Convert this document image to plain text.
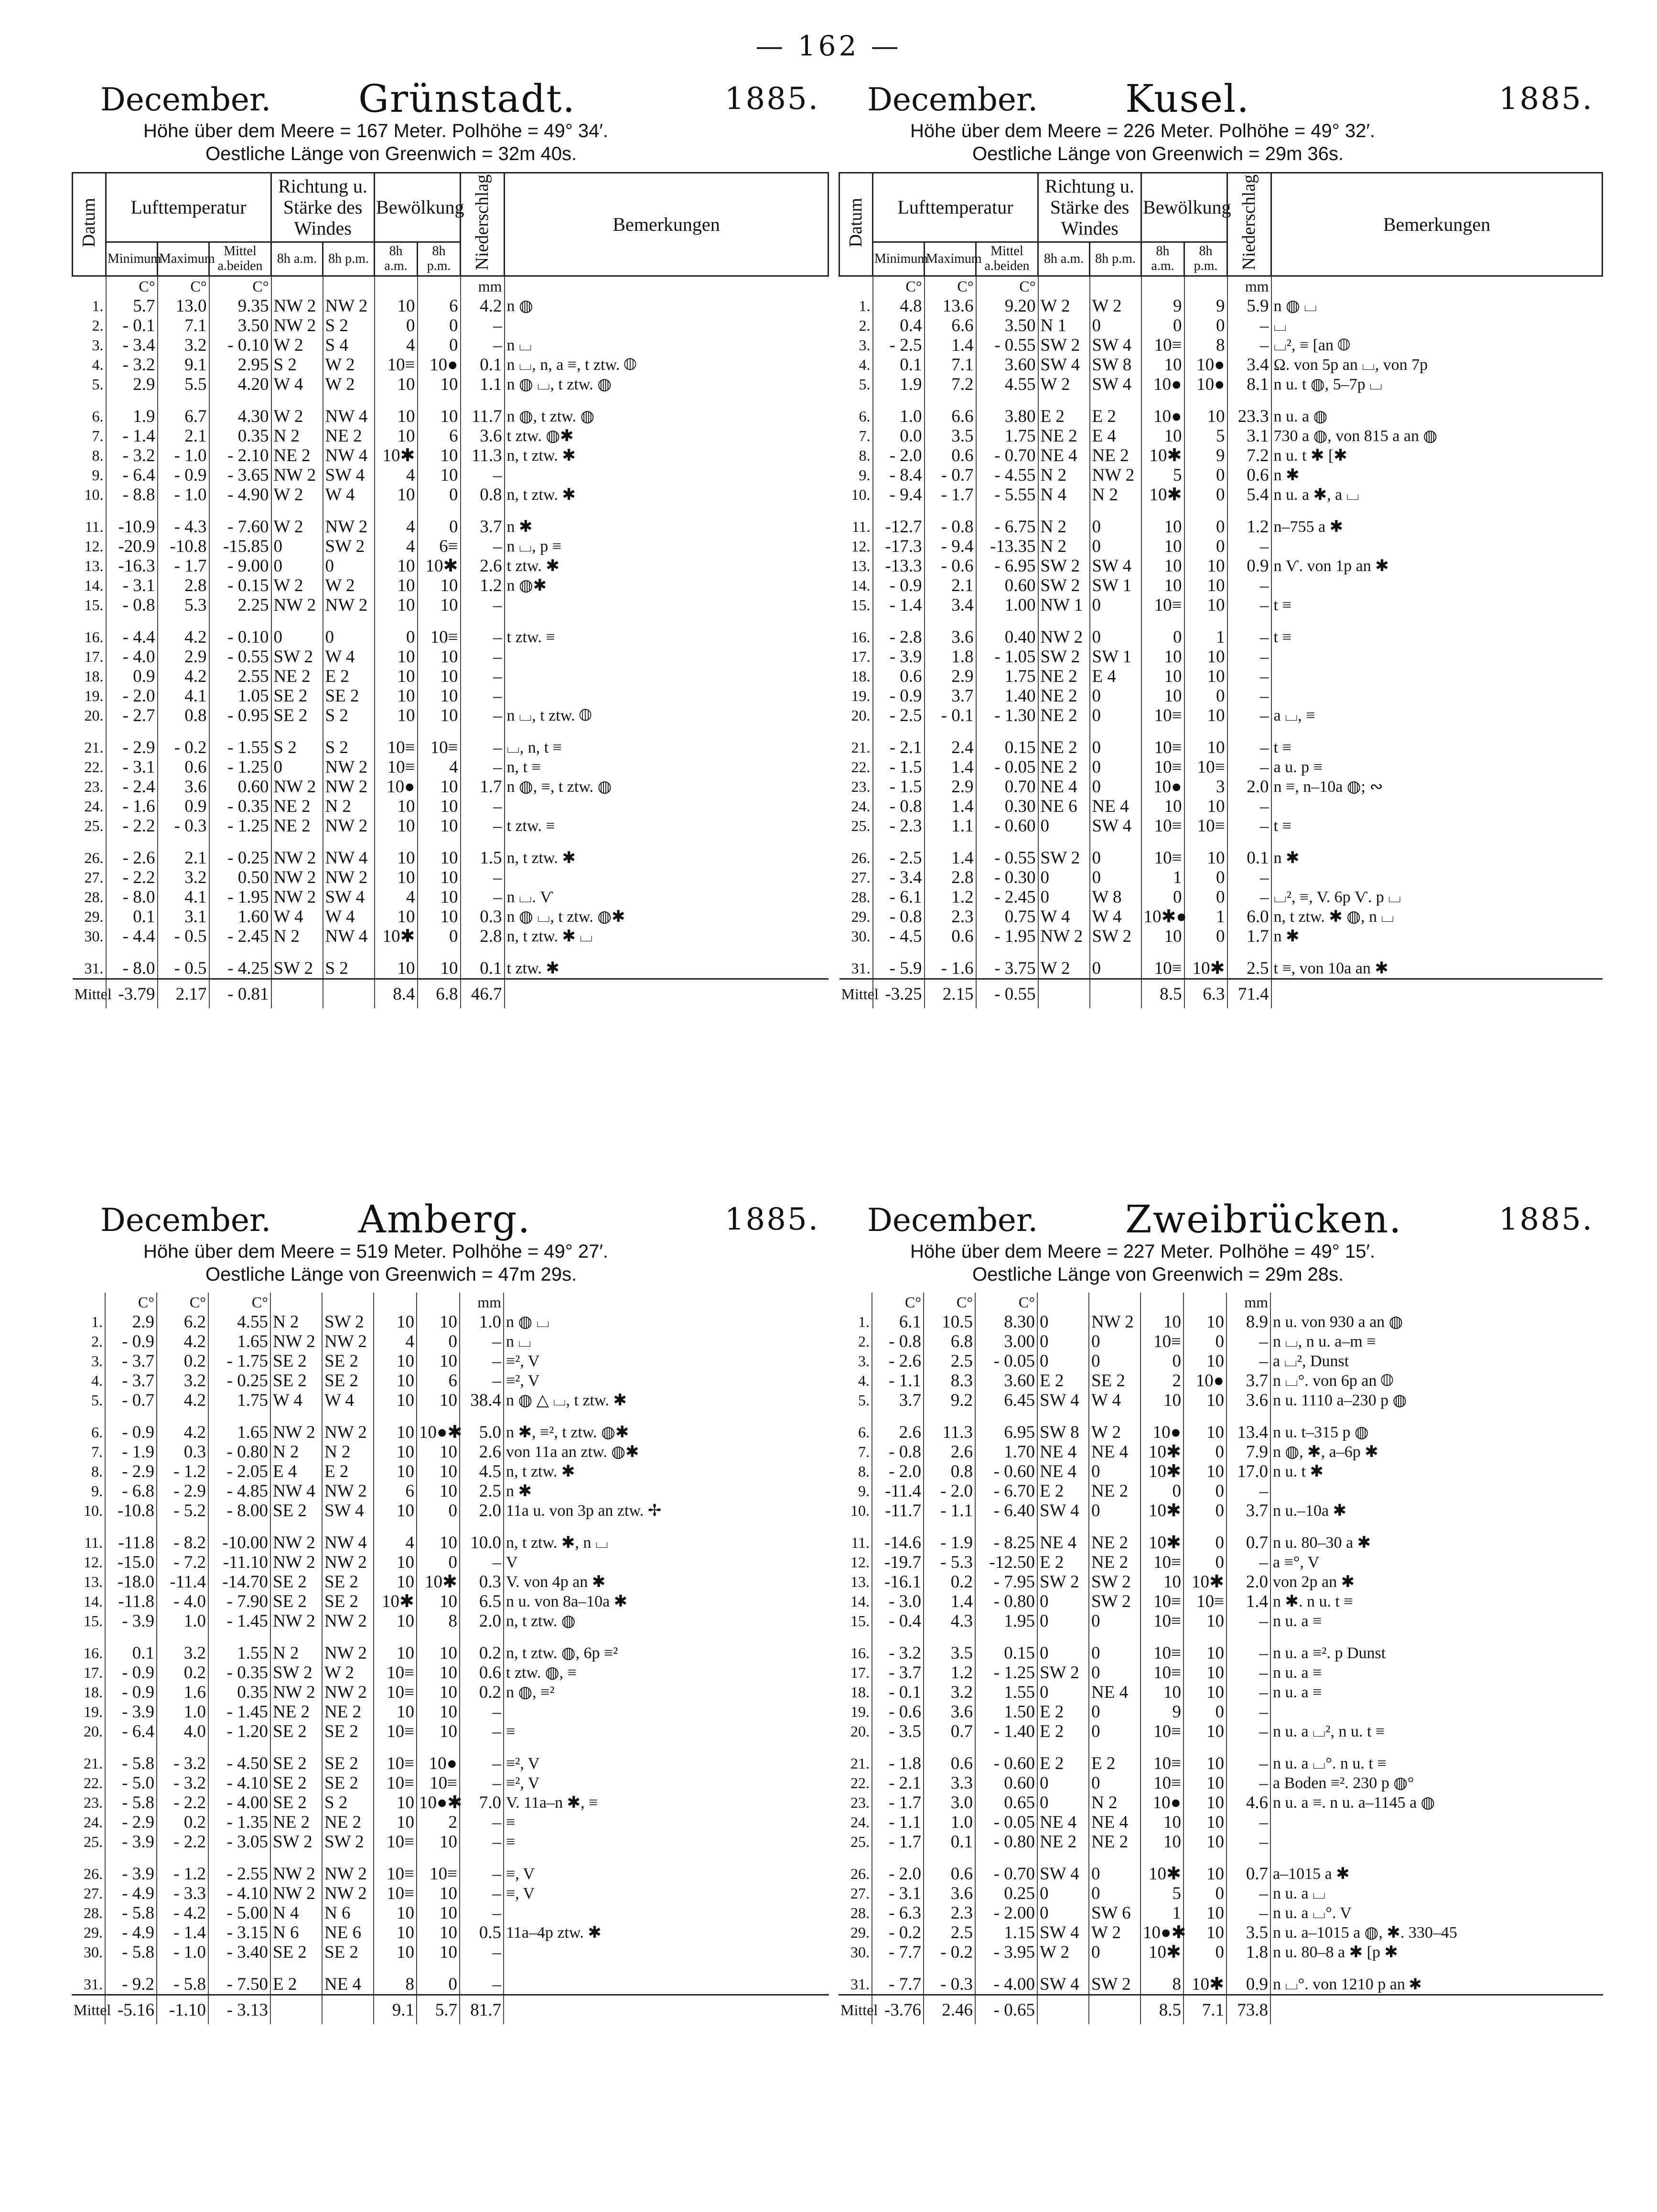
— 162 —
December. Grünstadt.	1885.
Höhe über dem Meere = 167 Meter. Polhöhe = 49° 34′.
Oestliche Länge von Greenwich = 32m 40s.
Datum	Lufttemperatur			Richtung u. Stärke des Windes		Bewölkung		Niederschlag	Bemerkungen
	Minimum	Maximum	Mittel a.beiden	8h a.m.	8h p.m.	8h a.m.	8h p.m.		
	C°	C°	C°					mm	
1.	5.7	13.0	9.35	NW 2	NW 2	10	6	4.2	n ◍
2.	- 0.1	7.1	3.50	NW 2	S 2	0	0	–	
3.	- 3.4	3.2	- 0.10	W 2	S 4	4	0	–	n ⌴
4.	- 3.2	9.1	2.95	S 2	W 2	10≡	10●	0.1	n ⌴, n, a ≡, t ztw. ◍
5.	2.9	5.5	4.20	W 4	W 2	10	10	1.1	n ◍ ⌴, t ztw. ◍

6.	1.9	6.7	4.30	W 2	NW 4	10	10	11.7	n ◍, t ztw. ◍
7.	- 1.4	2.1	0.35	N 2	NE 2	10	6	3.6	t ztw. ◍✱
8.	- 3.2	- 1.0	- 2.10	NE 2	NW 4	10✱	10	11.3	n, t ztw. ✱
9.	- 6.4	- 0.9	- 3.65	NW 2	SW 4	4	10	–	
10.	- 8.8	- 1.0	- 4.90	W 2	W 4	10	0	0.8	n, t ztw. ✱

11.	-10.9	- 4.3	- 7.60	W 2	NW 2	4	0	3.7	n ✱
12.	-20.9	-10.8	-15.85	0	SW 2	4	6≡	–	n ⌴, p ≡
13.	-16.3	- 1.7	- 9.00	0	0	10	10✱	2.6	t ztw. ✱
14.	- 3.1	2.8	- 0.15	W 2	W 2	10	10	1.2	n ◍✱
15.	- 0.8	5.3	2.25	NW 2	NW 2	10	10	–	

16.	- 4.4	4.2	- 0.10	0	0	0	10≡	–	t ztw. ≡
17.	- 4.0	2.9	- 0.55	SW 2	W 4	10	10	–	
18.	0.9	4.2	2.55	NE 2	E 2	10	10	–	
19.	- 2.0	4.1	1.05	SE 2	SE 2	10	10	–	
20.	- 2.7	0.8	- 0.95	SE 2	S 2	10	10	–	n ⌴, t ztw. ◍

21.	- 2.9	- 0.2	- 1.55	S 2	S 2	10≡	10≡	–	⌴, n, t ≡
22.	- 3.1	0.6	- 1.25	0	NW 2	10≡	4	–	n, t ≡
23.	- 2.4	3.6	0.60	NW 2	NW 2	10●	10	1.7	n ◍, ≡, t ztw. ◍
24.	- 1.6	0.9	- 0.35	NE 2	N 2	10	10	–	
25.	- 2.2	- 0.3	- 1.25	NE 2	NW 2	10	10	–	t ztw. ≡

26.	- 2.6	2.1	- 0.25	NW 2	NW 4	10	10	1.5	n, t ztw. ✱
27.	- 2.2	3.2	0.50	NW 2	NW 2	10	10	–	
28.	- 8.0	4.1	- 1.95	NW 2	SW 4	4	10	–	n ⌴. Ѵ
29.	0.1	3.1	1.60	W 4	W 4	10	10	0.3	n ◍ ⌴, t ztw. ◍✱
30.	- 4.4	- 0.5	- 2.45	N 2	NW 4	10✱	0	2.8	n, t ztw. ✱ ⌴

31.	- 8.0	- 0.5	- 4.25	SW 2	S 2	10	10	0.1	t ztw. ✱
Mittel	-3.79	2.17	- 0.81			8.4	6.8	46.7	
December. Kusel.	1885.
Höhe über dem Meere = 226 Meter. Polhöhe = 49° 32′.
Oestliche Länge von Greenwich = 29m 36s.
Datum	Lufttemperatur			Richtung u. Stärke des Windes		Bewölkung		Niederschlag	Bemerkungen
	Minimum	Maximum	Mittel a.beiden	8h a.m.	8h p.m.	8h a.m.	8h p.m.		
	C°	C°	C°					mm	
1.	4.8	13.6	9.20	W 2	W 2	9	9	5.9	n ◍ ⌴
2.	0.4	6.6	3.50	N 1	0	0	0	–	⌴
3.	- 2.5	1.4	- 0.55	SW 2	SW 4	10≡	8	–	⌴², ≡ [an ◍
4.	0.1	7.1	3.60	SW 4	SW 8	10	10●	3.4	Ω. von 5p an ⌴, von 7p
5.	1.9	7.2	4.55	W 2	SW 4	10●	10●	8.1	n u. t ◍, 5–7p ⌴

6.	1.0	6.6	3.80	E 2	E 2	10●	10	23.3	n u. a ◍
7.	0.0	3.5	1.75	NE 2	E 4	10	5	3.1	730 a ◍, von 815 a an ◍
8.	- 2.0	0.6	- 0.70	NE 4	NE 2	10✱	9	7.2	n u. t ✱ [✱
9.	- 8.4	- 0.7	- 4.55	N 2	NW 2	5	0	0.6	n ✱
10.	- 9.4	- 1.7	- 5.55	N 4	N 2	10✱	0	5.4	n u. a ✱, a ⌴

11.	-12.7	- 0.8	- 6.75	N 2	0	10	0	1.2	n–755 a ✱
12.	-17.3	- 9.4	-13.35	N 2	0	10	0	–	
13.	-13.3	- 0.6	- 6.95	SW 2	SW 4	10	10	0.9	n Ѵ. von 1p an ✱
14.	- 0.9	2.1	0.60	SW 2	SW 1	10	10	–	
15.	- 1.4	3.4	1.00	NW 1	0	10≡	10	–	t ≡

16.	- 2.8	3.6	0.40	NW 2	0	0	1	–	t ≡
17.	- 3.9	1.8	- 1.05	SW 2	SW 1	10	10	–	
18.	0.6	2.9	1.75	NE 2	E 4	10	10	–	
19.	- 0.9	3.7	1.40	NE 2	0	10	0	–	
20.	- 2.5	- 0.1	- 1.30	NE 2	0	10≡	10	–	a ⌴, ≡

21.	- 2.1	2.4	0.15	NE 2	0	10≡	10	–	t ≡
22.	- 1.5	1.4	- 0.05	NE 2	0	10≡	10≡	–	a u. p ≡
23.	- 1.5	2.9	0.70	NE 4	0	10●	3	2.0	n ≡, n–10a ◍; ∾
24.	- 0.8	1.4	0.30	NE 6	NE 4	10	10	–	
25.	- 2.3	1.1	- 0.60	0	SW 4	10≡	10≡	–	t ≡

26.	- 2.5	1.4	- 0.55	SW 2	0	10≡	10	0.1	n ✱
27.	- 3.4	2.8	- 0.30	0	0	1	0	–	
28.	- 6.1	1.2	- 2.45	0	W 8	0	0	–	⌴², ≡, V. 6p Ѵ. p ⌴
29.	- 0.8	2.3	0.75	W 4	W 4	10✱●	1	6.0	n, t ztw. ✱ ◍, n ⌴
30.	- 4.5	0.6	- 1.95	NW 2	SW 2	10	0	1.7	n ✱

31.	- 5.9	- 1.6	- 3.75	W 2	0	10≡	10✱	2.5	t ≡, von 10a an ✱
Mittel	-3.25	2.15	- 0.55			8.5	6.3	71.4	
December. Amberg.	1885.
Höhe über dem Meere = 519 Meter. Polhöhe = 49° 27′.
Oestliche Länge von Greenwich = 47m 29s.
	C°	C°	C°					mm	
1.	2.9	6.2	4.55	N 2	SW 2	10	10	1.0	n ◍ ⌴
2.	- 0.9	4.2	1.65	NW 2	NW 2	4	0	–	n ⌴
3.	- 3.7	0.2	- 1.75	SE 2	SE 2	10	10	–	≡², V
4.	- 3.7	3.2	- 0.25	SE 2	SE 2	10	6	–	≡², V
5.	- 0.7	4.2	1.75	W 4	W 4	10	10	38.4	n ◍ △ ⌴, t ztw. ✱

6.	- 0.9	4.2	1.65	NW 2	NW 2	10	10●✱	5.0	n ✱, ≡², t ztw. ◍✱
7.	- 1.9	0.3	- 0.80	N 2	N 2	10	10	2.6	von 11a an ztw. ◍✱
8.	- 2.9	- 1.2	- 2.05	E 4	E 2	10	10	4.5	n, t ztw. ✱
9.	- 6.8	- 2.9	- 4.85	NW 4	NW 2	6	10	2.5	n ✱
10.	-10.8	- 5.2	- 8.00	SE 2	SW 4	10	0	2.0	11a u. von 3p an ztw. ✢

11.	-11.8	- 8.2	-10.00	NW 2	NW 4	4	10	10.0	n, t ztw. ✱, n ⌴
12.	-15.0	- 7.2	-11.10	NW 2	NW 2	10	0	–	V
13.	-18.0	-11.4	-14.70	SE 2	SE 2	10	10✱	0.3	V. von 4p an ✱
14.	-11.8	- 4.0	- 7.90	SE 2	SE 2	10✱	10	6.5	n u. von 8a–10a ✱
15.	- 3.9	1.0	- 1.45	NW 2	NW 2	10	8	2.0	n, t ztw. ◍

16.	0.1	3.2	1.55	N 2	NW 2	10	10	0.2	n, t ztw. ◍, 6p ≡²
17.	- 0.9	0.2	- 0.35	SW 2	W 2	10≡	10	0.6	t ztw. ◍, ≡
18.	- 0.9	1.6	0.35	NW 2	NW 2	10≡	10	0.2	n ◍, ≡²
19.	- 3.9	1.0	- 1.45	NE 2	NE 2	10	10	–	
20.	- 6.4	4.0	- 1.20	SE 2	SE 2	10≡	10	–	≡

21.	- 5.8	- 3.2	- 4.50	SE 2	SE 2	10≡	10●	–	≡², V
22.	- 5.0	- 3.2	- 4.10	SE 2	SE 2	10≡	10≡	–	≡², V
23.	- 5.8	- 2.2	- 4.00	SE 2	S 2	10	10●✱	7.0	V. 11a–n ✱, ≡
24.	- 2.9	0.2	- 1.35	NE 2	NE 2	10	2	–	≡
25.	- 3.9	- 2.2	- 3.05	SW 2	SW 2	10≡	10	–	≡

26.	- 3.9	- 1.2	- 2.55	NW 2	NW 2	10≡	10≡	–	≡, V
27.	- 4.9	- 3.3	- 4.10	NW 2	NW 2	10≡	10	–	≡, V
28.	- 5.8	- 4.2	- 5.00	N 4	N 6	10	10	–	
29.	- 4.9	- 1.4	- 3.15	N 6	NE 6	10	10	0.5	11a–4p ztw. ✱
30.	- 5.8	- 1.0	- 3.40	SE 2	SE 2	10	10	–	

31.	- 9.2	- 5.8	- 7.50	E 2	NE 4	8	0	–	
Mittel	-5.16	-1.10	- 3.13			9.1	5.7	81.7	
December. Zweibrücken.	1885.
Höhe über dem Meere = 227 Meter. Polhöhe = 49° 15′.
Oestliche Länge von Greenwich = 29m 28s.
	C°	C°	C°					mm	
1.	6.1	10.5	8.30	0	NW 2	10	10	8.9	n u. von 930 a an ◍
2.	- 0.8	6.8	3.00	0	0	10≡	0	–	n ⌴, n u. a–m ≡
3.	- 2.6	2.5	- 0.05	0	0	0	10	–	a ⌴², Dunst
4.	- 1.1	8.3	3.60	E 2	SE 2	2	10●	3.7	n ⌴°. von 6p an ◍
5.	3.7	9.2	6.45	SW 4	W 4	10	10	3.6	n u. 1110 a–230 p ◍

6.	2.6	11.3	6.95	SW 8	W 2	10●	10	13.4	n u. t–315 p ◍
7.	- 0.8	2.6	1.70	NE 4	NE 4	10✱	0	7.9	n ◍, ✱, a–6p ✱
8.	- 2.0	0.8	- 0.60	NE 4	0	10✱	10	17.0	n u. t ✱
9.	-11.4	- 2.0	- 6.70	E 2	NE 2	0	0	–	
10.	-11.7	- 1.1	- 6.40	SW 4	0	10✱	0	3.7	n u.–10a ✱

11.	-14.6	- 1.9	- 8.25	NE 4	NE 2	10✱	0	0.7	n u. 80–30 a ✱
12.	-19.7	- 5.3	-12.50	E 2	NE 2	10≡	0	–	a ≡°, V
13.	-16.1	0.2	- 7.95	SW 2	SW 2	10	10✱	2.0	von 2p an ✱
14.	- 3.0	1.4	- 0.80	0	SW 2	10≡	10≡	1.4	n ✱. n u. t ≡
15.	- 0.4	4.3	1.95	0	0	10≡	10	–	n u. a ≡

16.	- 3.2	3.5	0.15	0	0	10≡	10	–	n u. a ≡². p Dunst
17.	- 3.7	1.2	- 1.25	SW 2	0	10≡	10	–	n u. a ≡
18.	- 0.1	3.2	1.55	0	NE 4	10	10	–	n u. a ≡
19.	- 0.6	3.6	1.50	E 2	0	9	0	–	
20.	- 3.5	0.7	- 1.40	E 2	0	10≡	10	–	n u. a ⌴², n u. t ≡

21.	- 1.8	0.6	- 0.60	E 2	E 2	10≡	10	–	n u. a ⌴°. n u. t ≡
22.	- 2.1	3.3	0.60	0	0	10≡	10	–	a Boden ≡². 230 p ◍°
23.	- 1.7	3.0	0.65	0	N 2	10●	10	4.6	n u. a ≡. n u. a–1145 a ◍
24.	- 1.1	1.0	- 0.05	NE 4	NE 4	10	10	–	
25.	- 1.7	0.1	- 0.80	NE 2	NE 2	10	10	–	

26.	- 2.0	0.6	- 0.70	SW 4	0	10✱	10	0.7	a–1015 a ✱
27.	- 3.1	3.6	0.25	0	0	5	0	–	n u. a ⌴
28.	- 6.3	2.3	- 2.00	0	SW 6	1	10	–	n u. a ⌴°. V
29.	- 0.2	2.5	1.15	SW 4	W 2	10●✱	10	3.5	n u. a–1015 a ◍, ✱. 330–45
30.	- 7.7	- 0.2	- 3.95	W 2	0	10✱	0	1.8	n u. 80–8 a ✱ [p ✱

31.	- 7.7	- 0.3	- 4.00	SW 4	SW 2	8	10✱	0.9	n ⌴°. von 1210 p an ✱
Mittel	-3.76	2.46	- 0.65			8.5	7.1	73.8	
